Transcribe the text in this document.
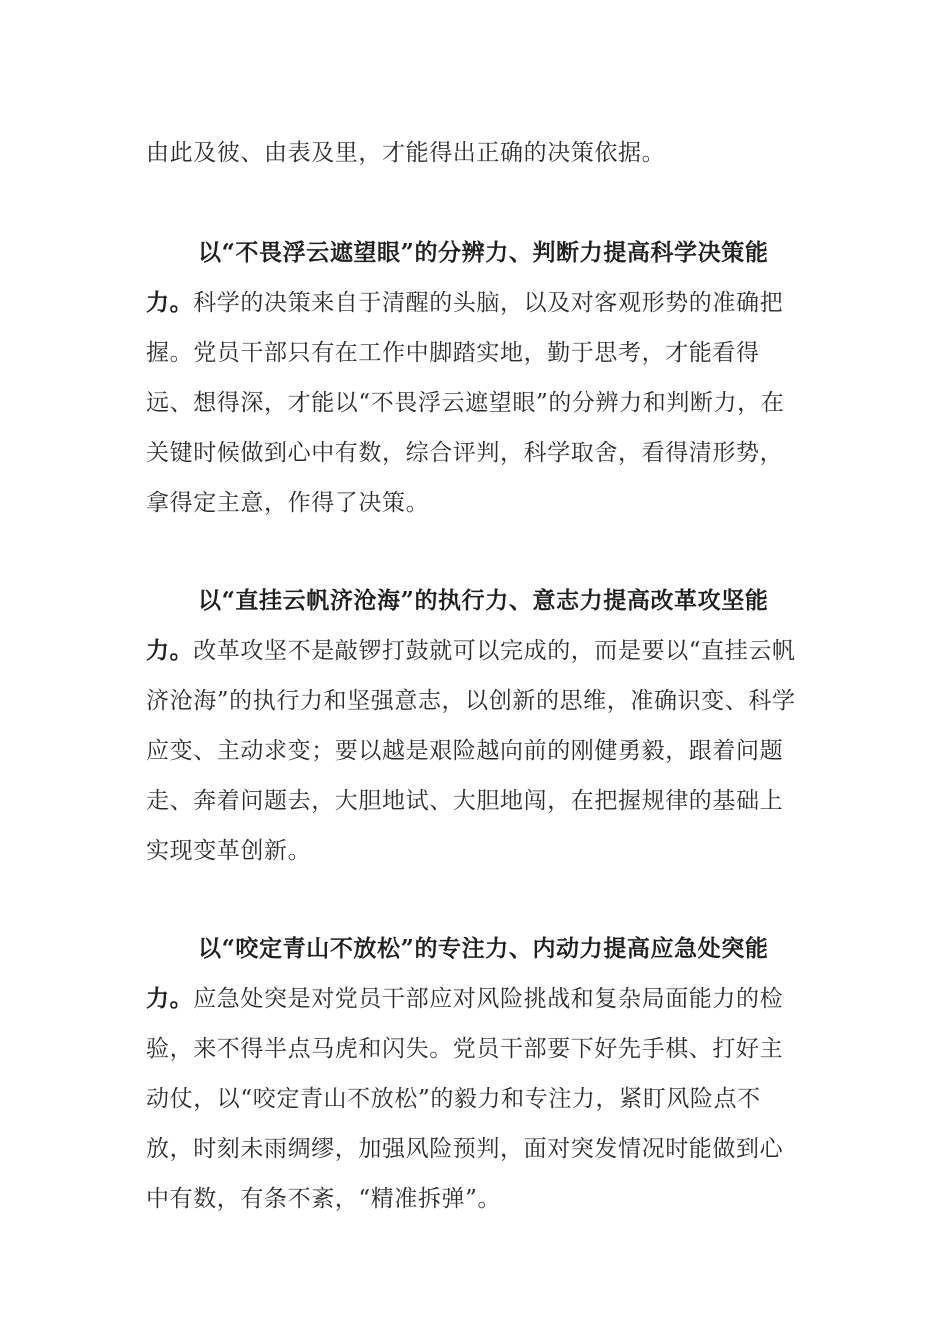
由此及彼、由表及里，才能得出正确的决策依据。

以“不畏浮云遮望眼”的分辨力、判断力提高科学决策能力。科学的决策来自于清醒的头脑，以及对客观形势的准确把握。党员干部只有在工作中脚踏实地，勤于思考，才能看得远、想得深，才能以“不畏浮云遮望眼”的分辨力和判断力，在关键时候做到心中有数，综合评判，科学取舍，看得清形势，拿得定主意，作得了决策。

以“直挂云帆济沧海”的执行力、意志力提高改革攻坚能力。改革攻坚不是敲锣打鼓就可以完成的，而是要以“直挂云帆济沧海”的执行力和坚强意志，以创新的思维，准确识变、科学应变、主动求变；要以越是艰险越向前的刚健勇毅，跟着问题走、奔着问题去，大胆地试、大胆地闯，在把握规律的基础上实现变革创新。

以“咬定青山不放松”的专注力、内动力提高应急处突能力。应急处突是对党员干部应对风险挑战和复杂局面能力的检验，来不得半点马虎和闪失。党员干部要下好先手棋、打好主动仗，以“咬定青山不放松”的毅力和专注力，紧盯风险点不放，时刻未雨绸缪，加强风险预判，面对突发情况时能做到心中有数，有条不紊，“精准拆弹”。
